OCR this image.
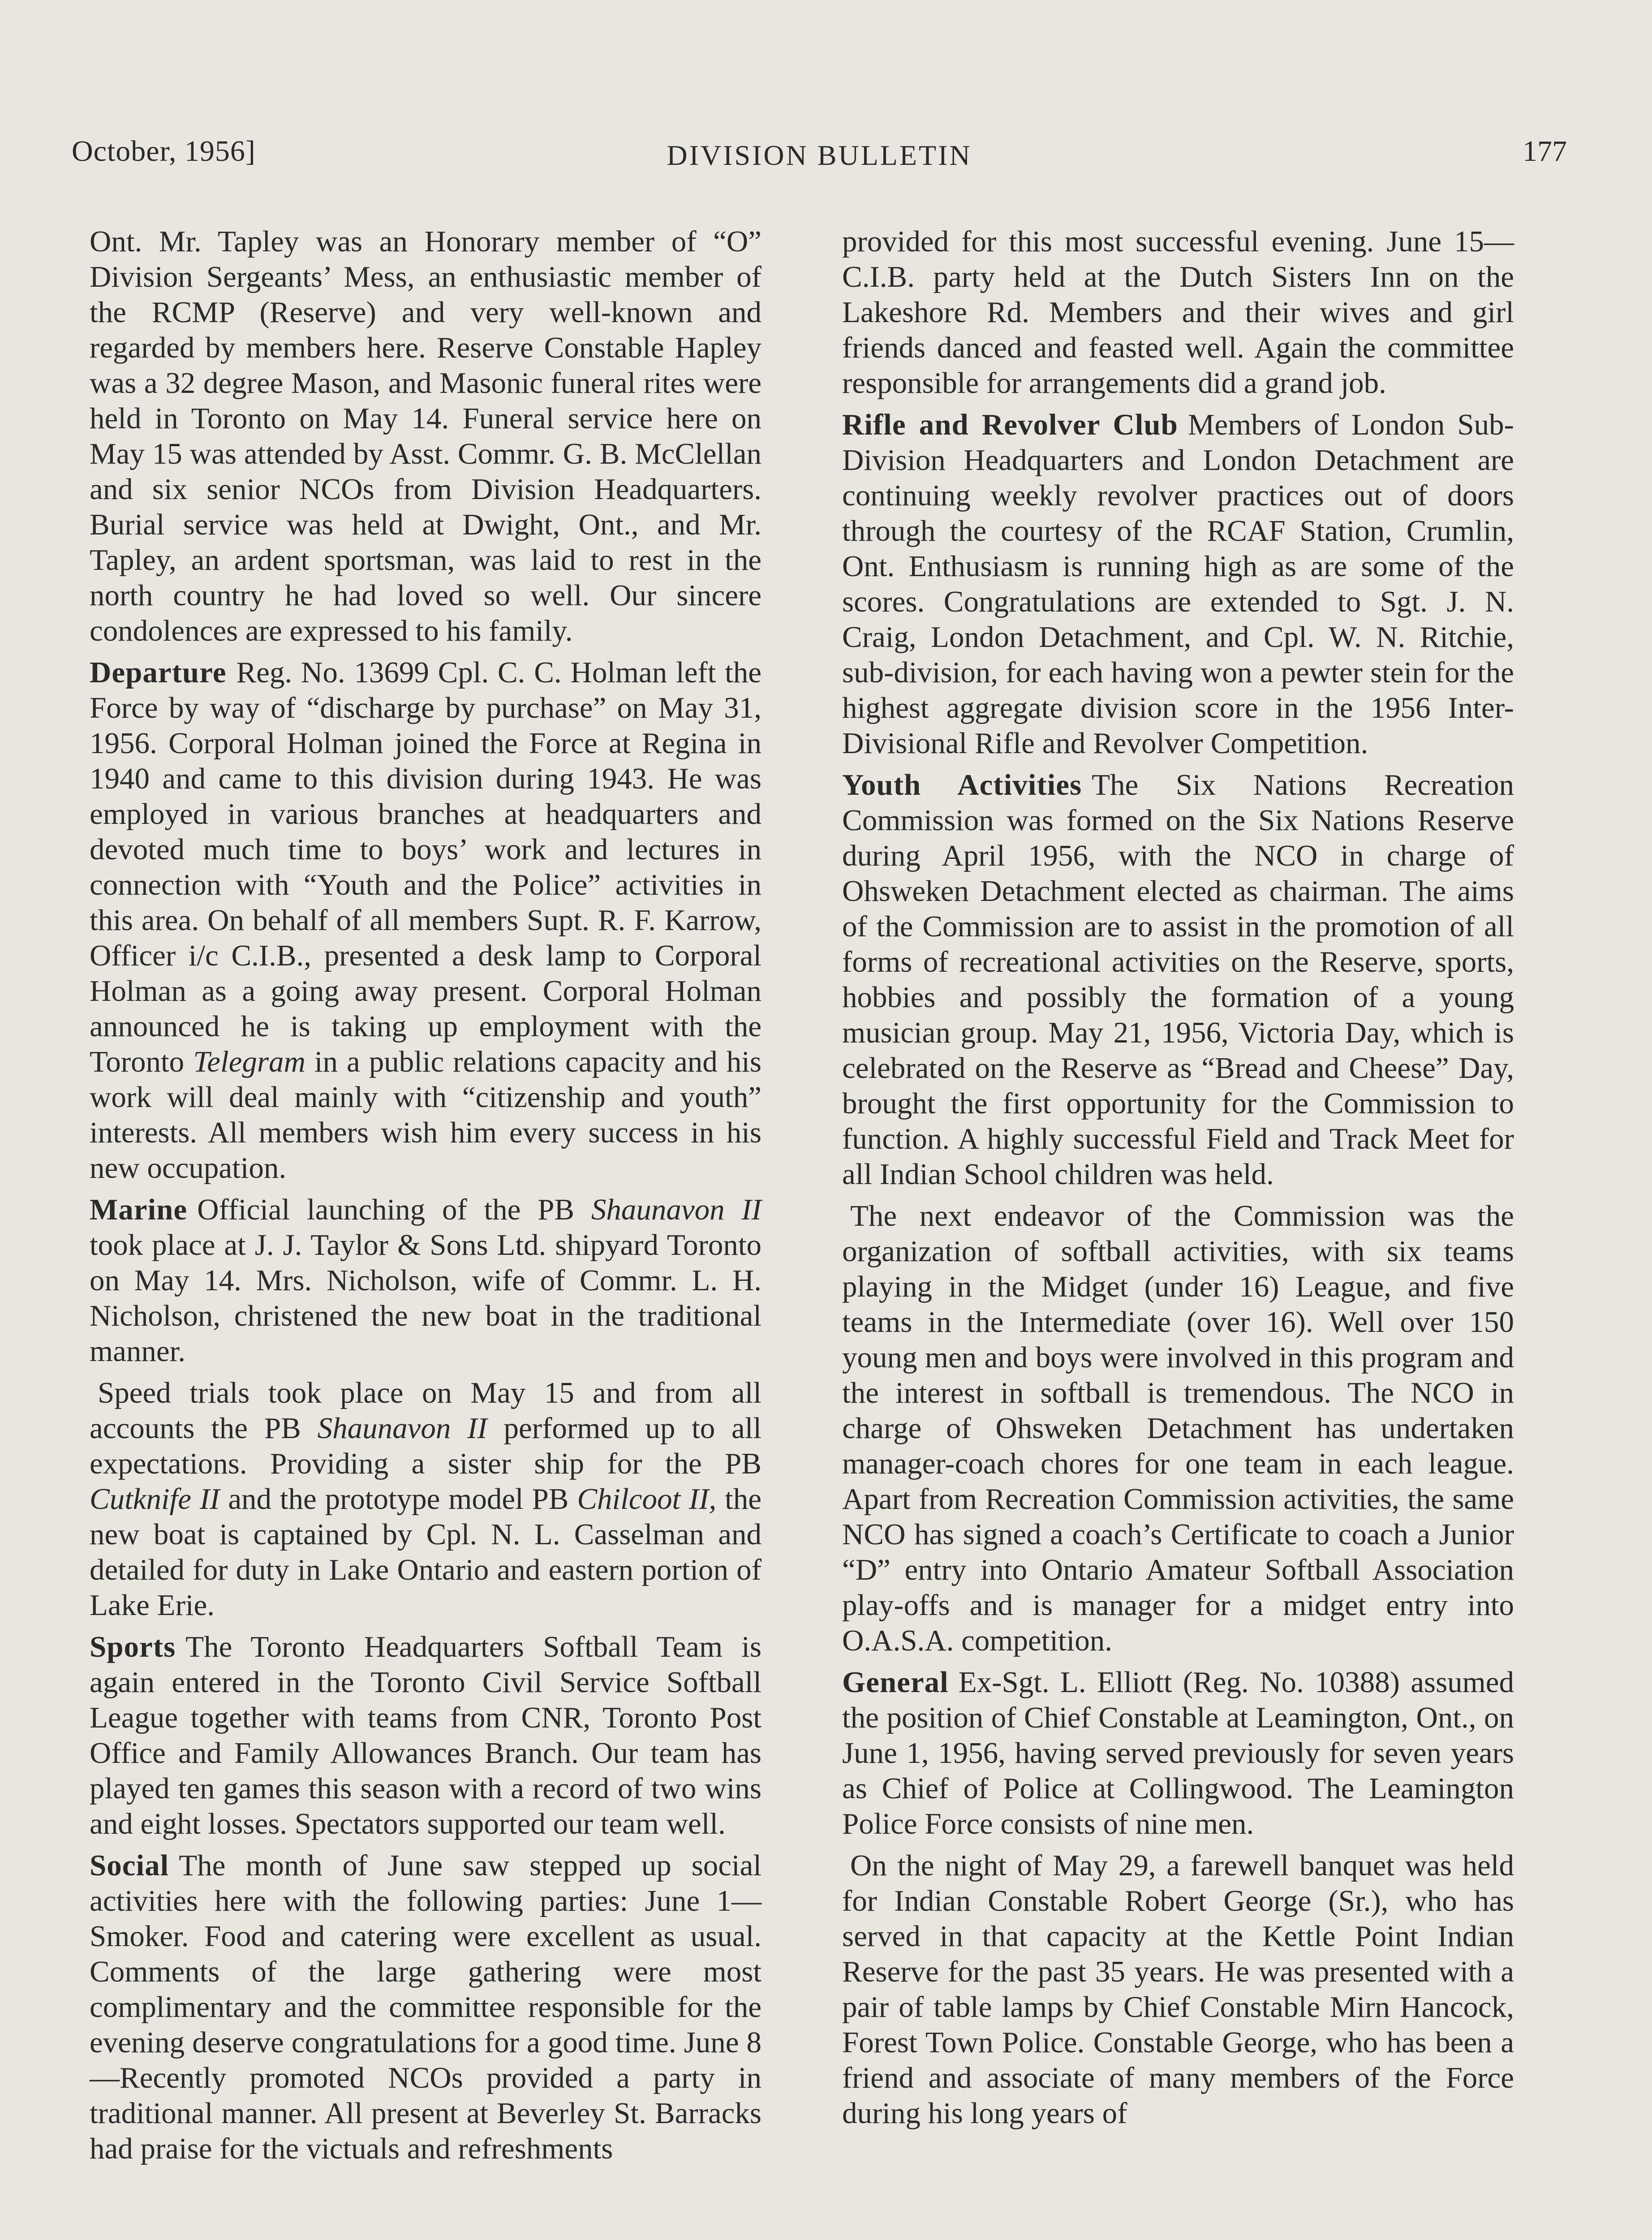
October, 1956]	DIVISION BULLETIN	177

Ont. Mr. Tapley was an Honorary member of “O” Division Sergeants’ Mess, an enthusiastic member of the RCMP (Reserve) and very well-known and regarded by members here. Reserve Constable Hapley was a 32 degree Mason, and Masonic funeral rites were held in Toronto on May 14. Funeral service here on May 15 was attended by Asst. Commr. G. B. McClellan and six senior NCOs from Division Headquarters. Burial service was held at Dwight, Ont., and Mr. Tapley, an ardent sportsman, was laid to rest in the north country he had loved so well. Our sincere condolences are expressed to his family.

Departure Reg. No. 13699 Cpl. C. C. Holman left the Force by way of “discharge by purchase” on May 31, 1956. Corporal Holman joined the Force at Regina in 1940 and came to this division during 1943. He was employed in various branches at headquarters and devoted much time to boys’ work and lectures in connection with “Youth and the Police” activities in this area. On behalf of all members Supt. R. F. Karrow, Officer i/c C.I.B., presented a desk lamp to Corporal Holman as a going away present. Corporal Holman announced he is taking up employment with the Toronto Telegram in a public relations capacity and his work will deal mainly with “citizenship and youth” interests. All members wish him every success in his new occupation.

Marine Official launching of the PB Shaunavon II took place at J. J. Taylor & Sons Ltd. shipyard Toronto on May 14. Mrs. Nicholson, wife of Commr. L. H. Nicholson, christened the new boat in the traditional manner.

Speed trials took place on May 15 and from all accounts the PB Shaunavon II performed up to all expectations. Providing a sister ship for the PB Cutknife II and the prototype model PB Chilcoot II, the new boat is captained by Cpl. N. L. Casselman and detailed for duty in Lake Ontario and eastern portion of Lake Erie.

Sports The Toronto Headquarters Softball Team is again entered in the Toronto Civil Service Softball League together with teams from CNR, Toronto Post Office and Family Allowances Branch. Our team has played ten games this season with a record of two wins and eight losses. Spectators supported our team well.

Social The month of June saw stepped up social activities here with the following parties: June 1—Smoker. Food and catering were excellent as usual. Comments of the large gathering were most complimentary and the committee responsible for the evening deserve congratulations for a good time. June 8—Recently promoted NCOs provided a party in traditional manner. All present at Beverley St. Barracks had praise for the victuals and refreshments

provided for this most successful evening. June 15—C.I.B. party held at the Dutch Sisters Inn on the Lakeshore Rd. Members and their wives and girl friends danced and feasted well. Again the committee responsible for arrangements did a grand job.

Rifle and Revolver Club Members of London Sub-Division Headquarters and London Detachment are continuing weekly revolver practices out of doors through the courtesy of the RCAF Station, Crumlin, Ont. Enthusiasm is running high as are some of the scores. Congratulations are extended to Sgt. J. N. Craig, London Detachment, and Cpl. W. N. Ritchie, sub-division, for each having won a pewter stein for the highest aggregate division score in the 1956 Inter-Divisional Rifle and Revolver Competition.

Youth Activities The Six Nations Recreation Commission was formed on the Six Nations Reserve during April 1956, with the NCO in charge of Ohsweken Detachment elected as chairman. The aims of the Commission are to assist in the promotion of all forms of recreational activities on the Reserve, sports, hobbies and possibly the formation of a young musician group. May 21, 1956, Victoria Day, which is celebrated on the Reserve as “Bread and Cheese” Day, brought the first opportunity for the Commission to function. A highly successful Field and Track Meet for all Indian School children was held.

The next endeavor of the Commission was the organization of softball activities, with six teams playing in the Midget (under 16) League, and five teams in the Intermediate (over 16). Well over 150 young men and boys were involved in this program and the interest in softball is tremendous. The NCO in charge of Ohsweken Detachment has undertaken manager-coach chores for one team in each league. Apart from Recreation Commission activities, the same NCO has signed a coach’s Certificate to coach a Junior “D” entry into Ontario Amateur Softball Association play-offs and is manager for a midget entry into O.A.S.A. competition.

General Ex-Sgt. L. Elliott (Reg. No. 10388) assumed the position of Chief Constable at Leamington, Ont., on June 1, 1956, having served previously for seven years as Chief of Police at Collingwood. The Leamington Police Force consists of nine men.

On the night of May 29, a farewell banquet was held for Indian Constable Robert George (Sr.), who has served in that capacity at the Kettle Point Indian Reserve for the past 35 years. He was presented with a pair of table lamps by Chief Constable Mirn Hancock, Forest Town Police. Constable George, who has been a friend and associate of many members of the Force during his long years of
